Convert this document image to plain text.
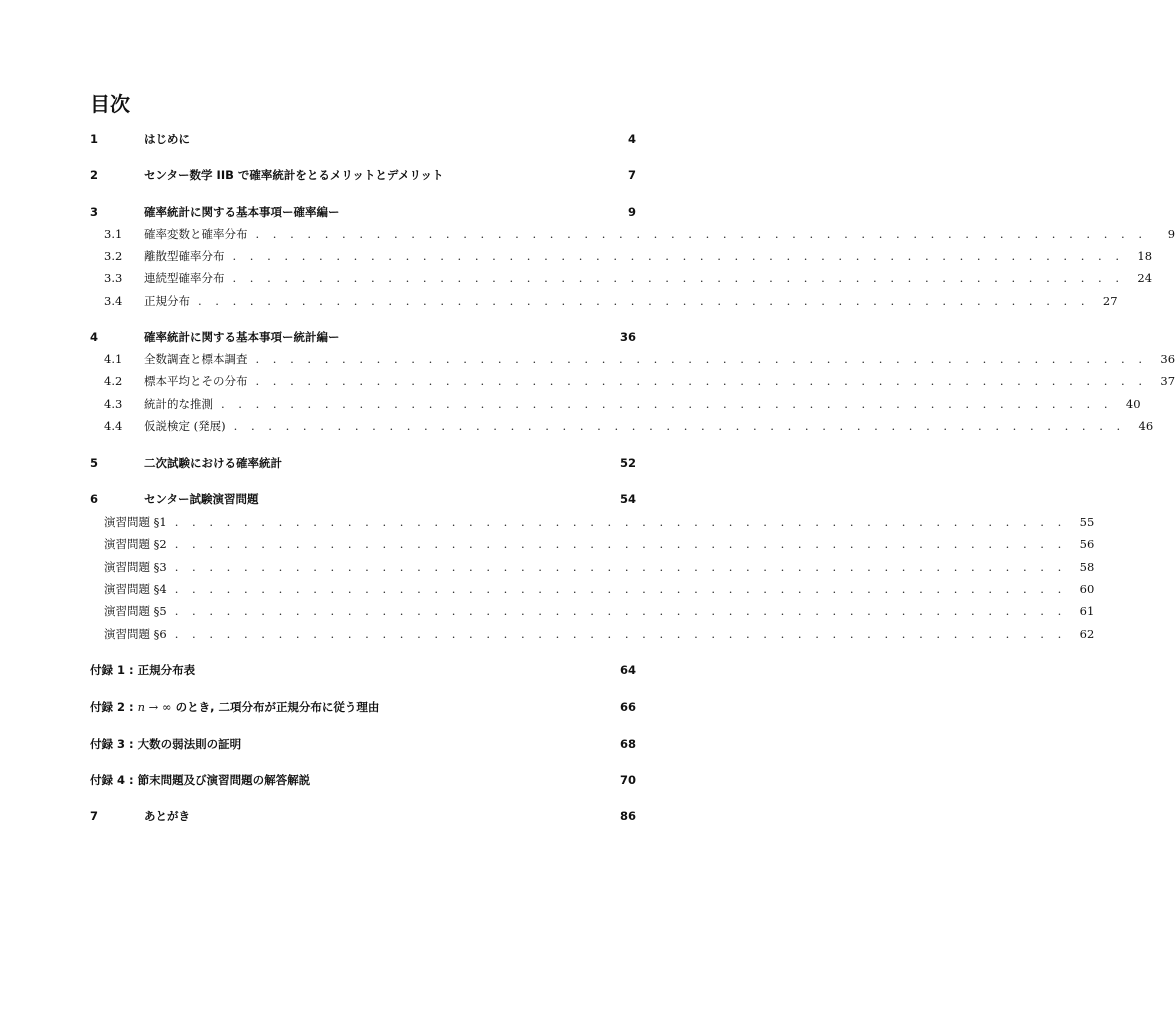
目次
1	はじめに	4
2	センター数学 IIB で確率統計をとるメリットとデメリット	7
3	確率統計に関する基本事項ー確率編ー	9
3.1	確率変数と確率分布 . . . . . . . . . . . . . . . . . . . . . . . . . . . . . . . . . . . . . . . . . . . . . . . . . . . .	9
3.2	離散型確率分布 . . . . . . . . . . . . . . . . . . . . . . . . . . . . . . . . . . . . . . . . . . . . . . . . . . . .	18
3.3	連続型確率分布 . . . . . . . . . . . . . . . . . . . . . . . . . . . . . . . . . . . . . . . . . . . . . . . . . . . .	24
3.4	正規分布 . . . . . . . . . . . . . . . . . . . . . . . . . . . . . . . . . . . . . . . . . . . . . . . . . . . .	27
4	確率統計に関する基本事項ー統計編ー	36
4.1	全数調査と標本調査 . . . . . . . . . . . . . . . . . . . . . . . . . . . . . . . . . . . . . . . . . . . . . . . . . . . .	36
4.2	標本平均とその分布 . . . . . . . . . . . . . . . . . . . . . . . . . . . . . . . . . . . . . . . . . . . . . . . . . . . .	37
4.3	統計的な推測 . . . . . . . . . . . . . . . . . . . . . . . . . . . . . . . . . . . . . . . . . . . . . . . . . . . .	40
4.4	仮説検定 (発展) . . . . . . . . . . . . . . . . . . . . . . . . . . . . . . . . . . . . . . . . . . . . . . . . . . . .	46
5	二次試験における確率統計	52
6	センター試験演習問題	54
演習問題 §1 . . . . . . . . . . . . . . . . . . . . . . . . . . . . . . . . . . . . . . . . . . . . . . . . . . . .	55
演習問題 §2 . . . . . . . . . . . . . . . . . . . . . . . . . . . . . . . . . . . . . . . . . . . . . . . . . . . .	56
演習問題 §3 . . . . . . . . . . . . . . . . . . . . . . . . . . . . . . . . . . . . . . . . . . . . . . . . . . . .	58
演習問題 §4 . . . . . . . . . . . . . . . . . . . . . . . . . . . . . . . . . . . . . . . . . . . . . . . . . . . .	60
演習問題 §5 . . . . . . . . . . . . . . . . . . . . . . . . . . . . . . . . . . . . . . . . . . . . . . . . . . . .	61
演習問題 §6 . . . . . . . . . . . . . . . . . . . . . . . . . . . . . . . . . . . . . . . . . . . . . . . . . . . .	62
付録 1 : 正規分布表	64
付録 2 : n → ∞ のとき, 二項分布が正規分布に従う理由	66
付録 3 : 大数の弱法則の証明	68
付録 4 : 節末問題及び演習問題の解答解説	70
7	あとがき	86
